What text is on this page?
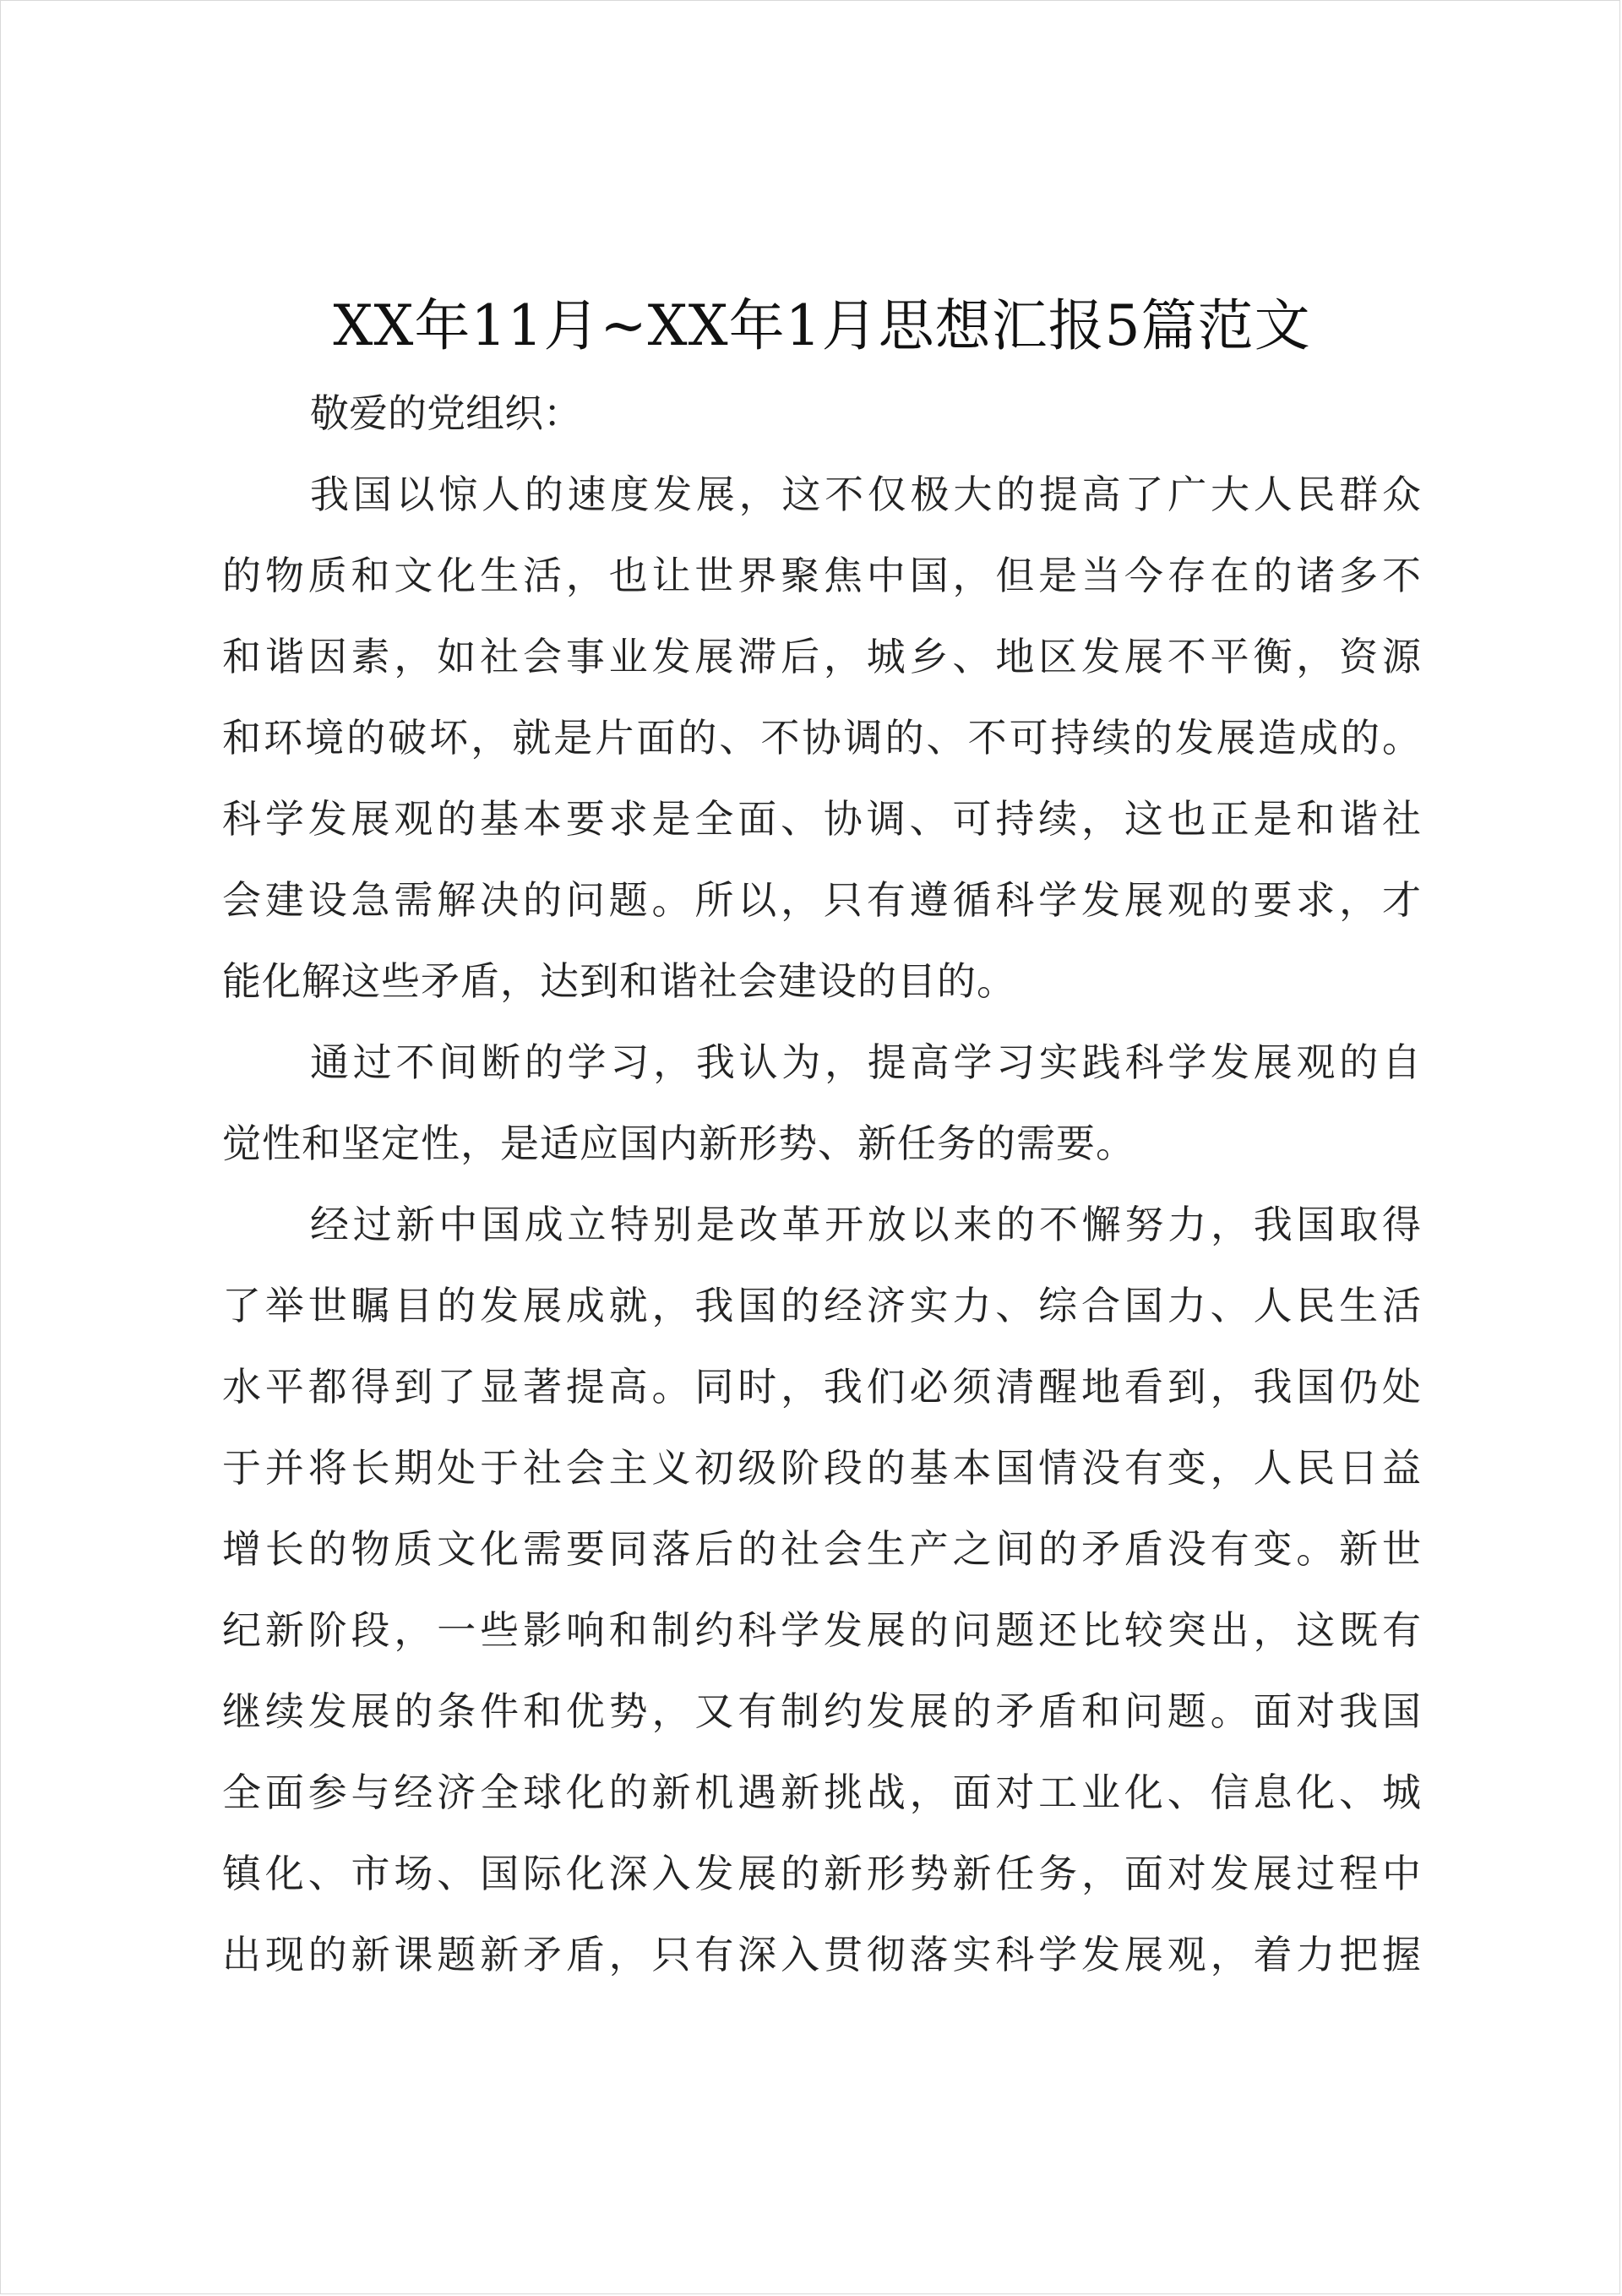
XX年11月~XX年1月思想汇报5篇范文

敬爱的党组织：

我国以惊人的速度发展，这不仅极大的提高了广大人民群众
的物质和文化生活，也让世界聚焦中国，但是当今存在的诸多不
和谐因素，如社会事业发展滞后，城乡、地区发展不平衡，资源
和环境的破坏，就是片面的、不协调的、不可持续的发展造成的。
科学发展观的基本要求是全面、协调、可持续，这也正是和谐社
会建设急需解决的问题。所以，只有遵循科学发展观的要求，才
能化解这些矛盾，达到和谐社会建设的目的。
通过不间断的学习，我认为，提高学习实践科学发展观的自
觉性和坚定性，是适应国内新形势、新任务的需要。
经过新中国成立特别是改革开放以来的不懈努力，我国取得
了举世瞩目的发展成就，我国的经济实力、综合国力、人民生活
水平都得到了显著提高。同时，我们必须清醒地看到，我国仍处
于并将长期处于社会主义初级阶段的基本国情没有变，人民日益
增长的物质文化需要同落后的社会生产之间的矛盾没有变。新世
纪新阶段，一些影响和制约科学发展的问题还比较突出，这既有
继续发展的条件和优势，又有制约发展的矛盾和问题。面对我国
全面参与经济全球化的新机遇新挑战，面对工业化、信息化、城
镇化、市场、国际化深入发展的新形势新任务，面对发展过程中
出现的新课题新矛盾，只有深入贯彻落实科学发展观，着力把握
